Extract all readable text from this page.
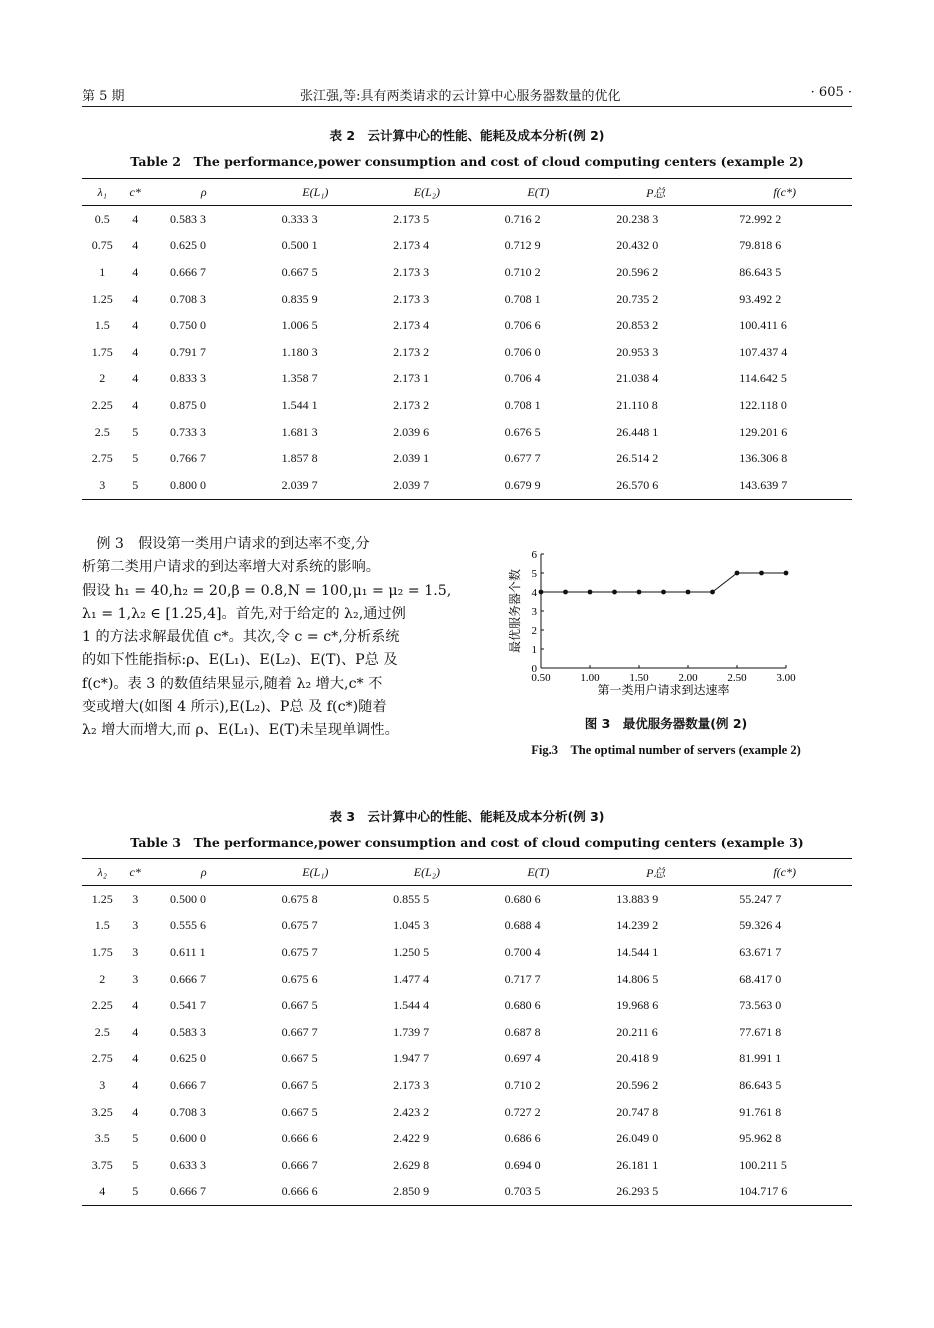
第 5 期	张江强,等:具有两类请求的云计算中心服务器数量的优化	· 605 ·
表 2　云计算中心的性能、能耗及成本分析(例 2)
Table 2　The performance,power consumption and cost of cloud computing centers (example 2)
λ₁	c*	ρ	E(L₁)	E(L₂)	E(T)	P总	f(c*)
0.5	4	0.583 3	0.333 3	2.173 5	0.716 2	20.238 3	72.992 2
0.75	4	0.625 0	0.500 1	2.173 4	0.712 9	20.432 0	79.818 6
1	4	0.666 7	0.667 5	2.173 3	0.710 2	20.596 2	86.643 5
1.25	4	0.708 3	0.835 9	2.173 3	0.708 1	20.735 2	93.492 2
1.5	4	0.750 0	1.006 5	2.173 4	0.706 6	20.853 2	100.411 6
1.75	4	0.791 7	1.180 3	2.173 2	0.706 0	20.953 3	107.437 4
2	4	0.833 3	1.358 7	2.173 1	0.706 4	21.038 4	114.642 5
2.25	4	0.875 0	1.544 1	2.173 2	0.708 1	21.110 8	122.118 0
2.5	5	0.733 3	1.681 3	2.039 6	0.676 5	26.448 1	129.201 6
2.75	5	0.766 7	1.857 8	2.039 1	0.677 7	26.514 2	136.306 8
3	5	0.800 0	2.039 7	2.039 7	0.679 9	26.570 6	143.639 7
　例 3　假设第一类用户请求的到达率不变,分
析第二类用户请求的到达率增大对系统的影响。
假设 h₁ = 40,h₂ = 20,β = 0.8,N = 100,μ₁ = μ₂ = 1.5,
λ₁ = 1,λ₂ ∈ [1.25,4]。首先,对于给定的 λ₂,通过例
1 的方法求解最优值 c*。其次,令 c = c*,分析系统
的如下性能指标:ρ、E(L₁)、E(L₂)、E(T)、P总 及
f(c*)。表 3 的数值结果显示,随着 λ₂ 增大,c* 不
变或增大(如图 4 所示),E(L₂)、P总 及 f(c*)随着
λ₂ 增大而增大,而 ρ、E(L₁)、E(T)未呈现单调性。
0
1
2
3
4
5
6
0.50	1.00	1.50	2.00	2.50	3.00
第一类用户请求到达速率
最优服务器个数
图 3　最优服务器数量(例 2)
Fig.3　The optimal number of servers (example 2)
表 3　云计算中心的性能、能耗及成本分析(例 3)
Table 3　The performance,power consumption and cost of cloud computing centers (example 3)
λ₂	c*	ρ	E(L₁)	E(L₂)	E(T)	P总	f(c*)
1.25	3	0.500 0	0.675 8	0.855 5	0.680 6	13.883 9	55.247 7
1.5	3	0.555 6	0.675 7	1.045 3	0.688 4	14.239 2	59.326 4
1.75	3	0.611 1	0.675 7	1.250 5	0.700 4	14.544 1	63.671 7
2	3	0.666 7	0.675 6	1.477 4	0.717 7	14.806 5	68.417 0
2.25	4	0.541 7	0.667 5	1.544 4	0.680 6	19.968 6	73.563 0
2.5	4	0.583 3	0.667 7	1.739 7	0.687 8	20.211 6	77.671 8
2.75	4	0.625 0	0.667 5	1.947 7	0.697 4	20.418 9	81.991 1
3	4	0.666 7	0.667 5	2.173 3	0.710 2	20.596 2	86.643 5
3.25	4	0.708 3	0.667 5	2.423 2	0.727 2	20.747 8	91.761 8
3.5	5	0.600 0	0.666 6	2.422 9	0.686 6	26.049 0	95.962 8
3.75	5	0.633 3	0.666 7	2.629 8	0.694 0	26.181 1	100.211 5
4	5	0.666 7	0.666 6	2.850 9	0.703 5	26.293 5	104.717 6
